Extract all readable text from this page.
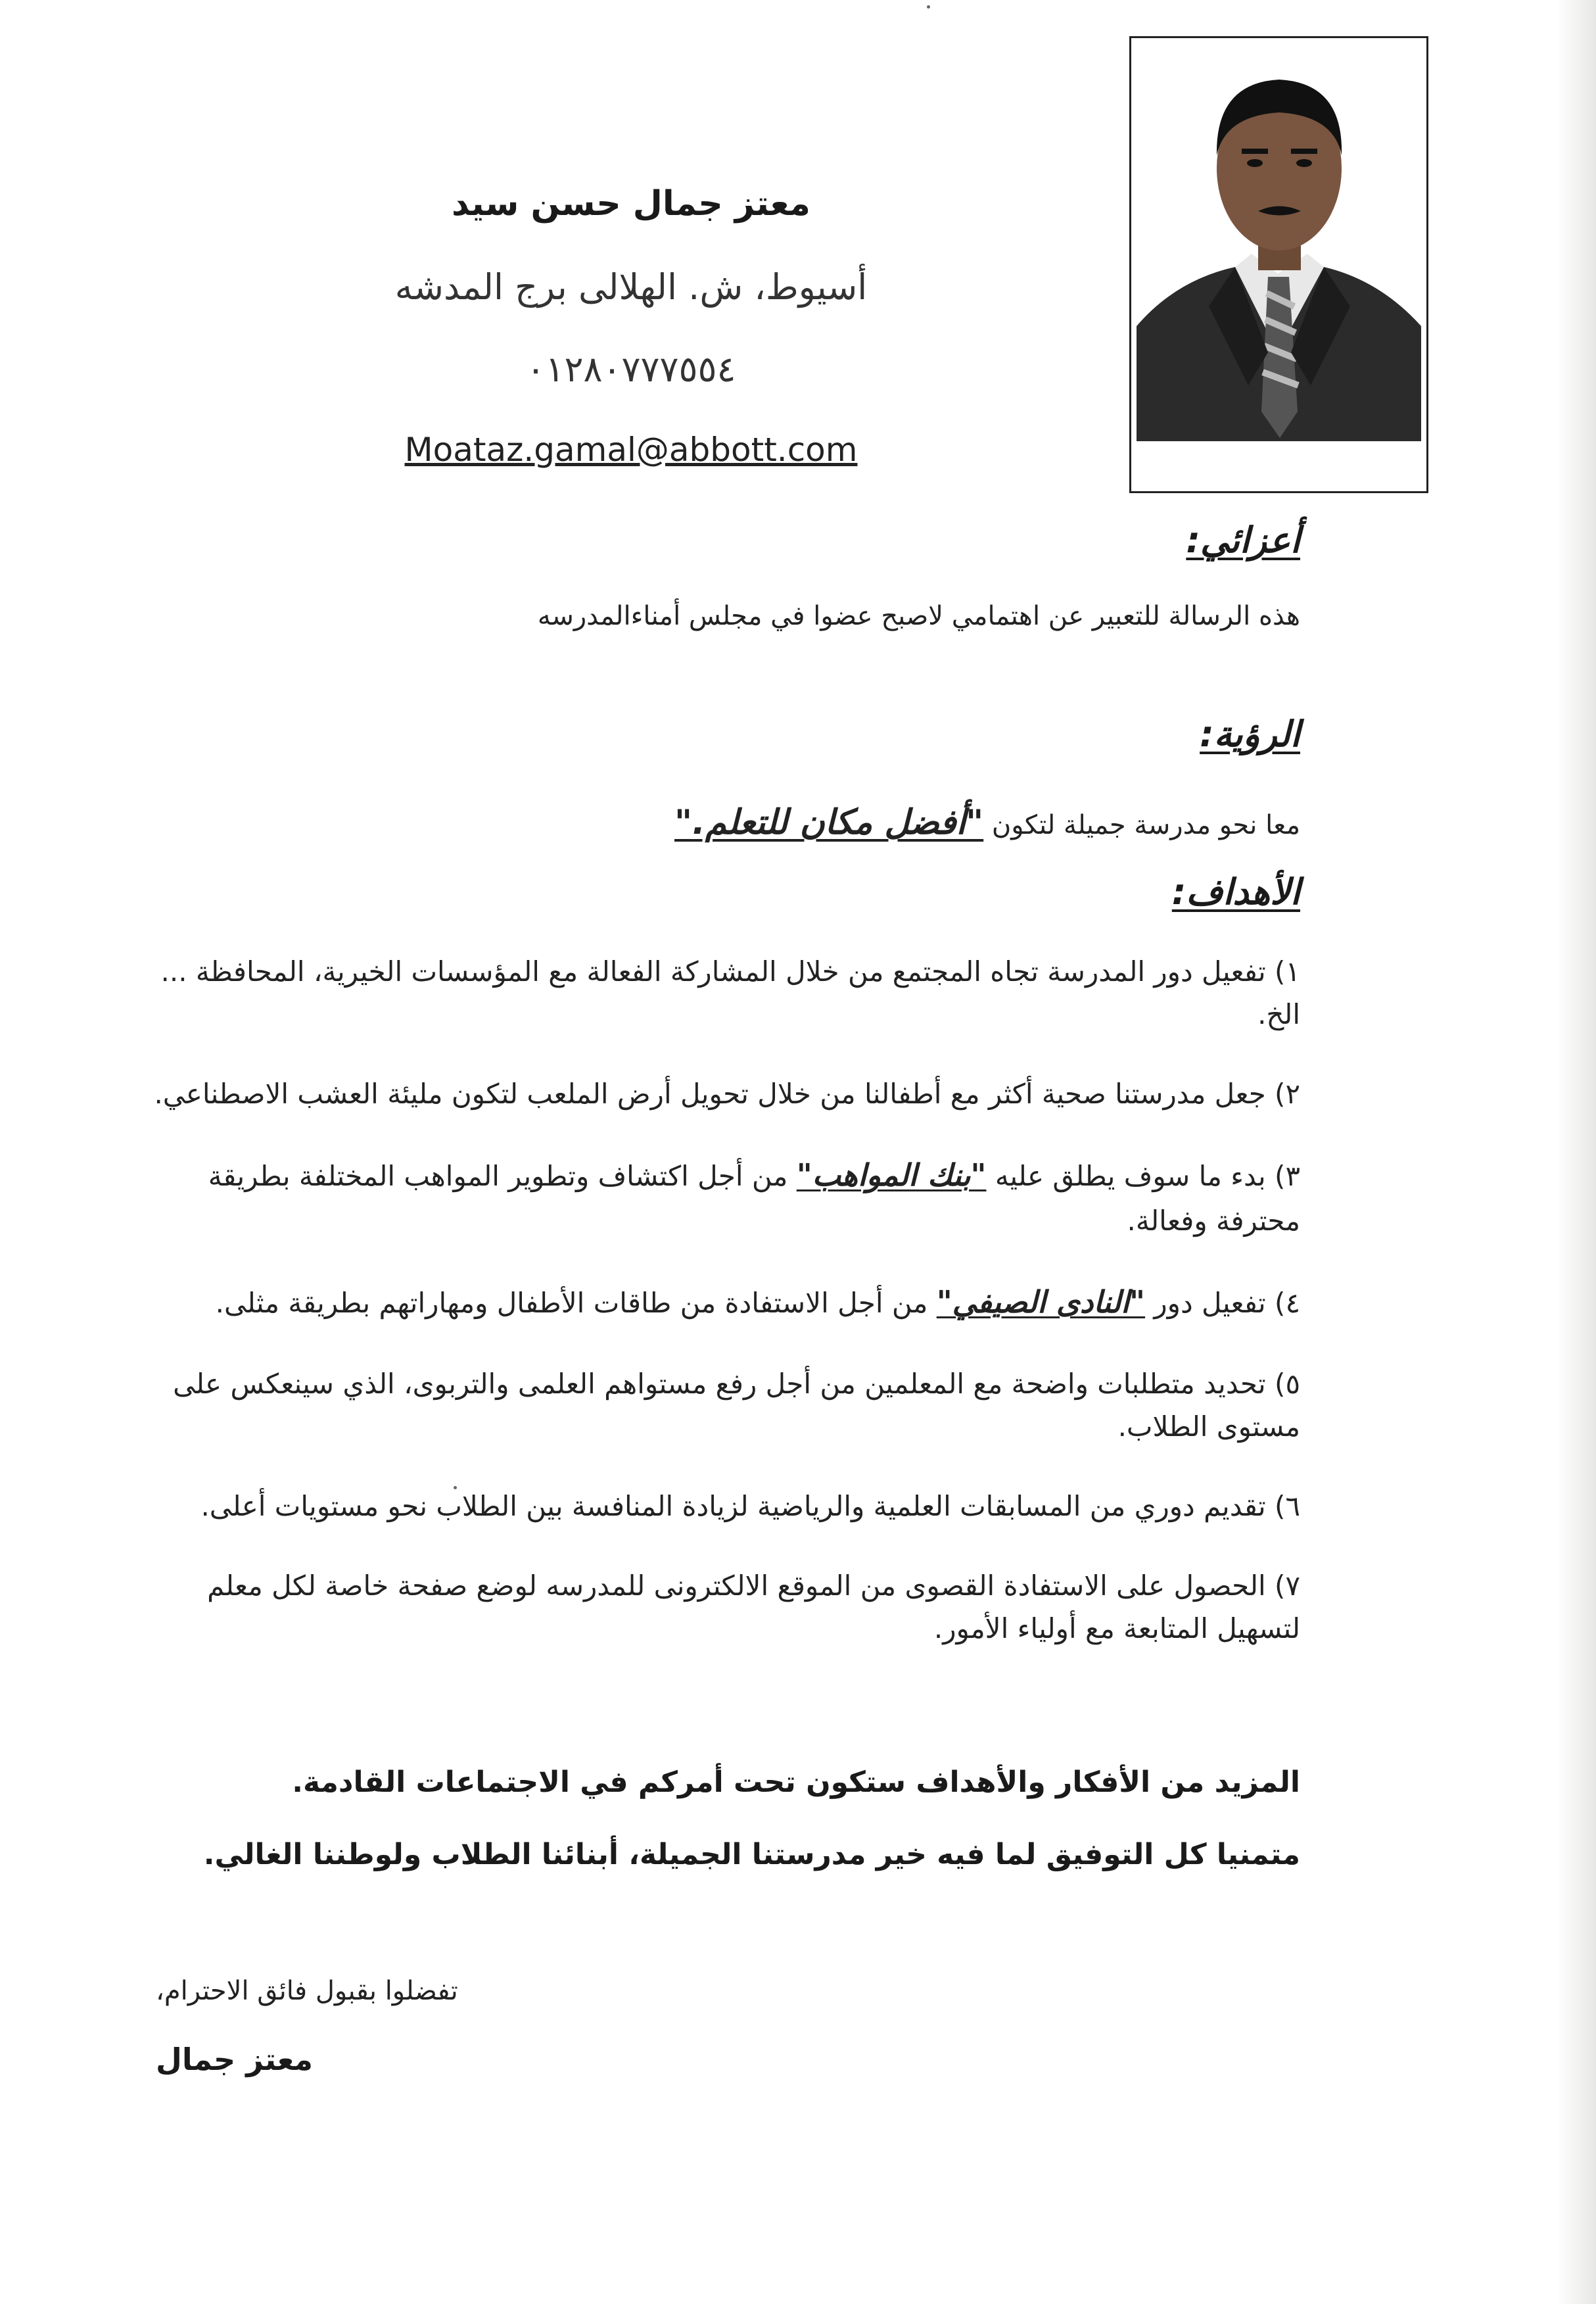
معتز جمال حسن سيد
أسيوط، ش. الهلالى برج المدشه
٠١٢٨٠٧٧٧٥٥٤
Moataz.gamal@abbott.com
أعزائي:
هذه الرسالة للتعبير عن اهتمامي لاصبح عضوا في مجلس أمناءالمدرسه
الرؤية:
معا نحو مدرسة جميلة لتكون "أفضل مكان للتعلم."
الأهداف:
١) تفعيل دور المدرسة تجاه المجتمع من خلال المشاركة الفعالة مع المؤسسات الخيرية، المحافظة ... الخ.
٢) جعل مدرستنا صحية أكثر مع أطفالنا من خلال تحويل أرض الملعب لتكون مليئة العشب الاصطناعي.
٣) بدء ما سوف يطلق عليه "بنك المواهب" من أجل اكتشاف وتطوير المواهب المختلفة بطريقة محترفة وفعالة.
٤) تفعيل دور "النادى الصيفي" من أجل الاستفادة من طاقات الأطفال ومهاراتهم بطريقة مثلى.
٥) تحديد متطلبات واضحة مع المعلمين من أجل رفع مستواهم العلمى والتربوى، الذي سينعكس على مستوى الطلاب.
٦) تقديم دوري من المسابقات العلمية والرياضية لزيادة المنافسة بين الطلاب نحو مستويات أعلى.
٧) الحصول على الاستفادة القصوى من الموقع الالكترونى للمدرسه لوضع صفحة خاصة لكل معلم لتسهيل المتابعة مع أولياء الأمور.
المزيد من الأفكار والأهداف ستكون تحت أمركم في الاجتماعات القادمة.
متمنيا كل التوفيق لما فيه خير مدرستنا الجميلة، أبنائنا الطلاب ولوطننا الغالي.
تفضلوا بقبول فائق الاحترام،
معتز جمال
